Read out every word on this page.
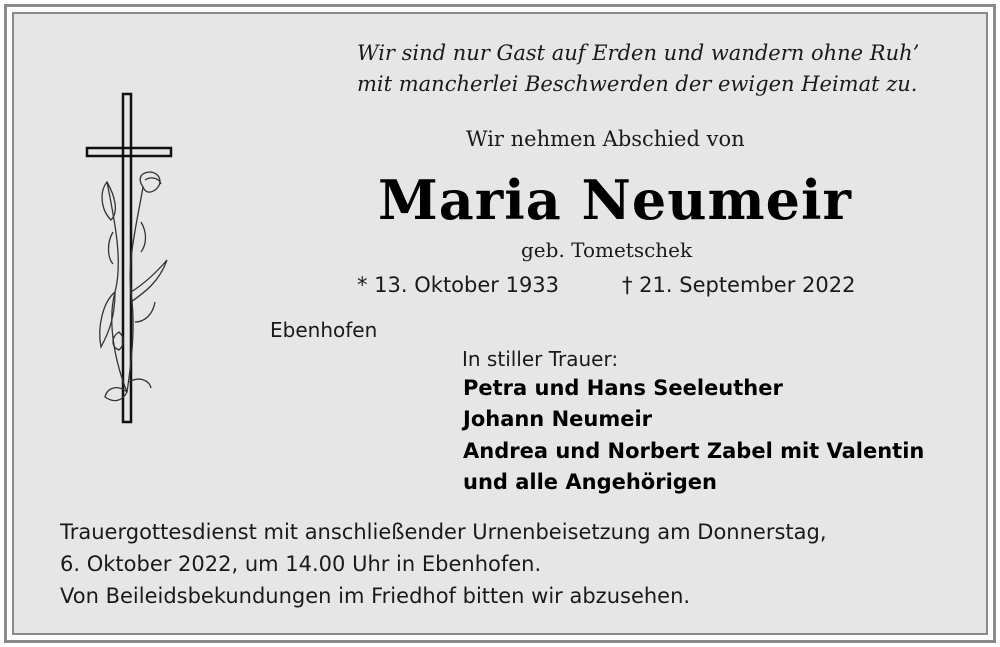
Wir sind nur Gast auf Erden und wandern ohne Ruh’
mit mancherlei Beschwerden der ewigen Heimat zu.
Wir nehmen Abschied von
Maria Neumeir
geb. Tometschek
* 13. Oktober 1933	† 21. September 2022
Ebenhofen
In stiller Trauer:
Petra und Hans Seeleuther
Johann Neumeir
Andrea und Norbert Zabel mit Valentin
und alle Angehörigen
Trauergottesdienst mit anschließender Urnenbeisetzung am Donnerstag,
6. Oktober 2022, um 14.00 Uhr in Ebenhofen.
Von Beileidsbekundungen im Friedhof bitten wir abzusehen.
